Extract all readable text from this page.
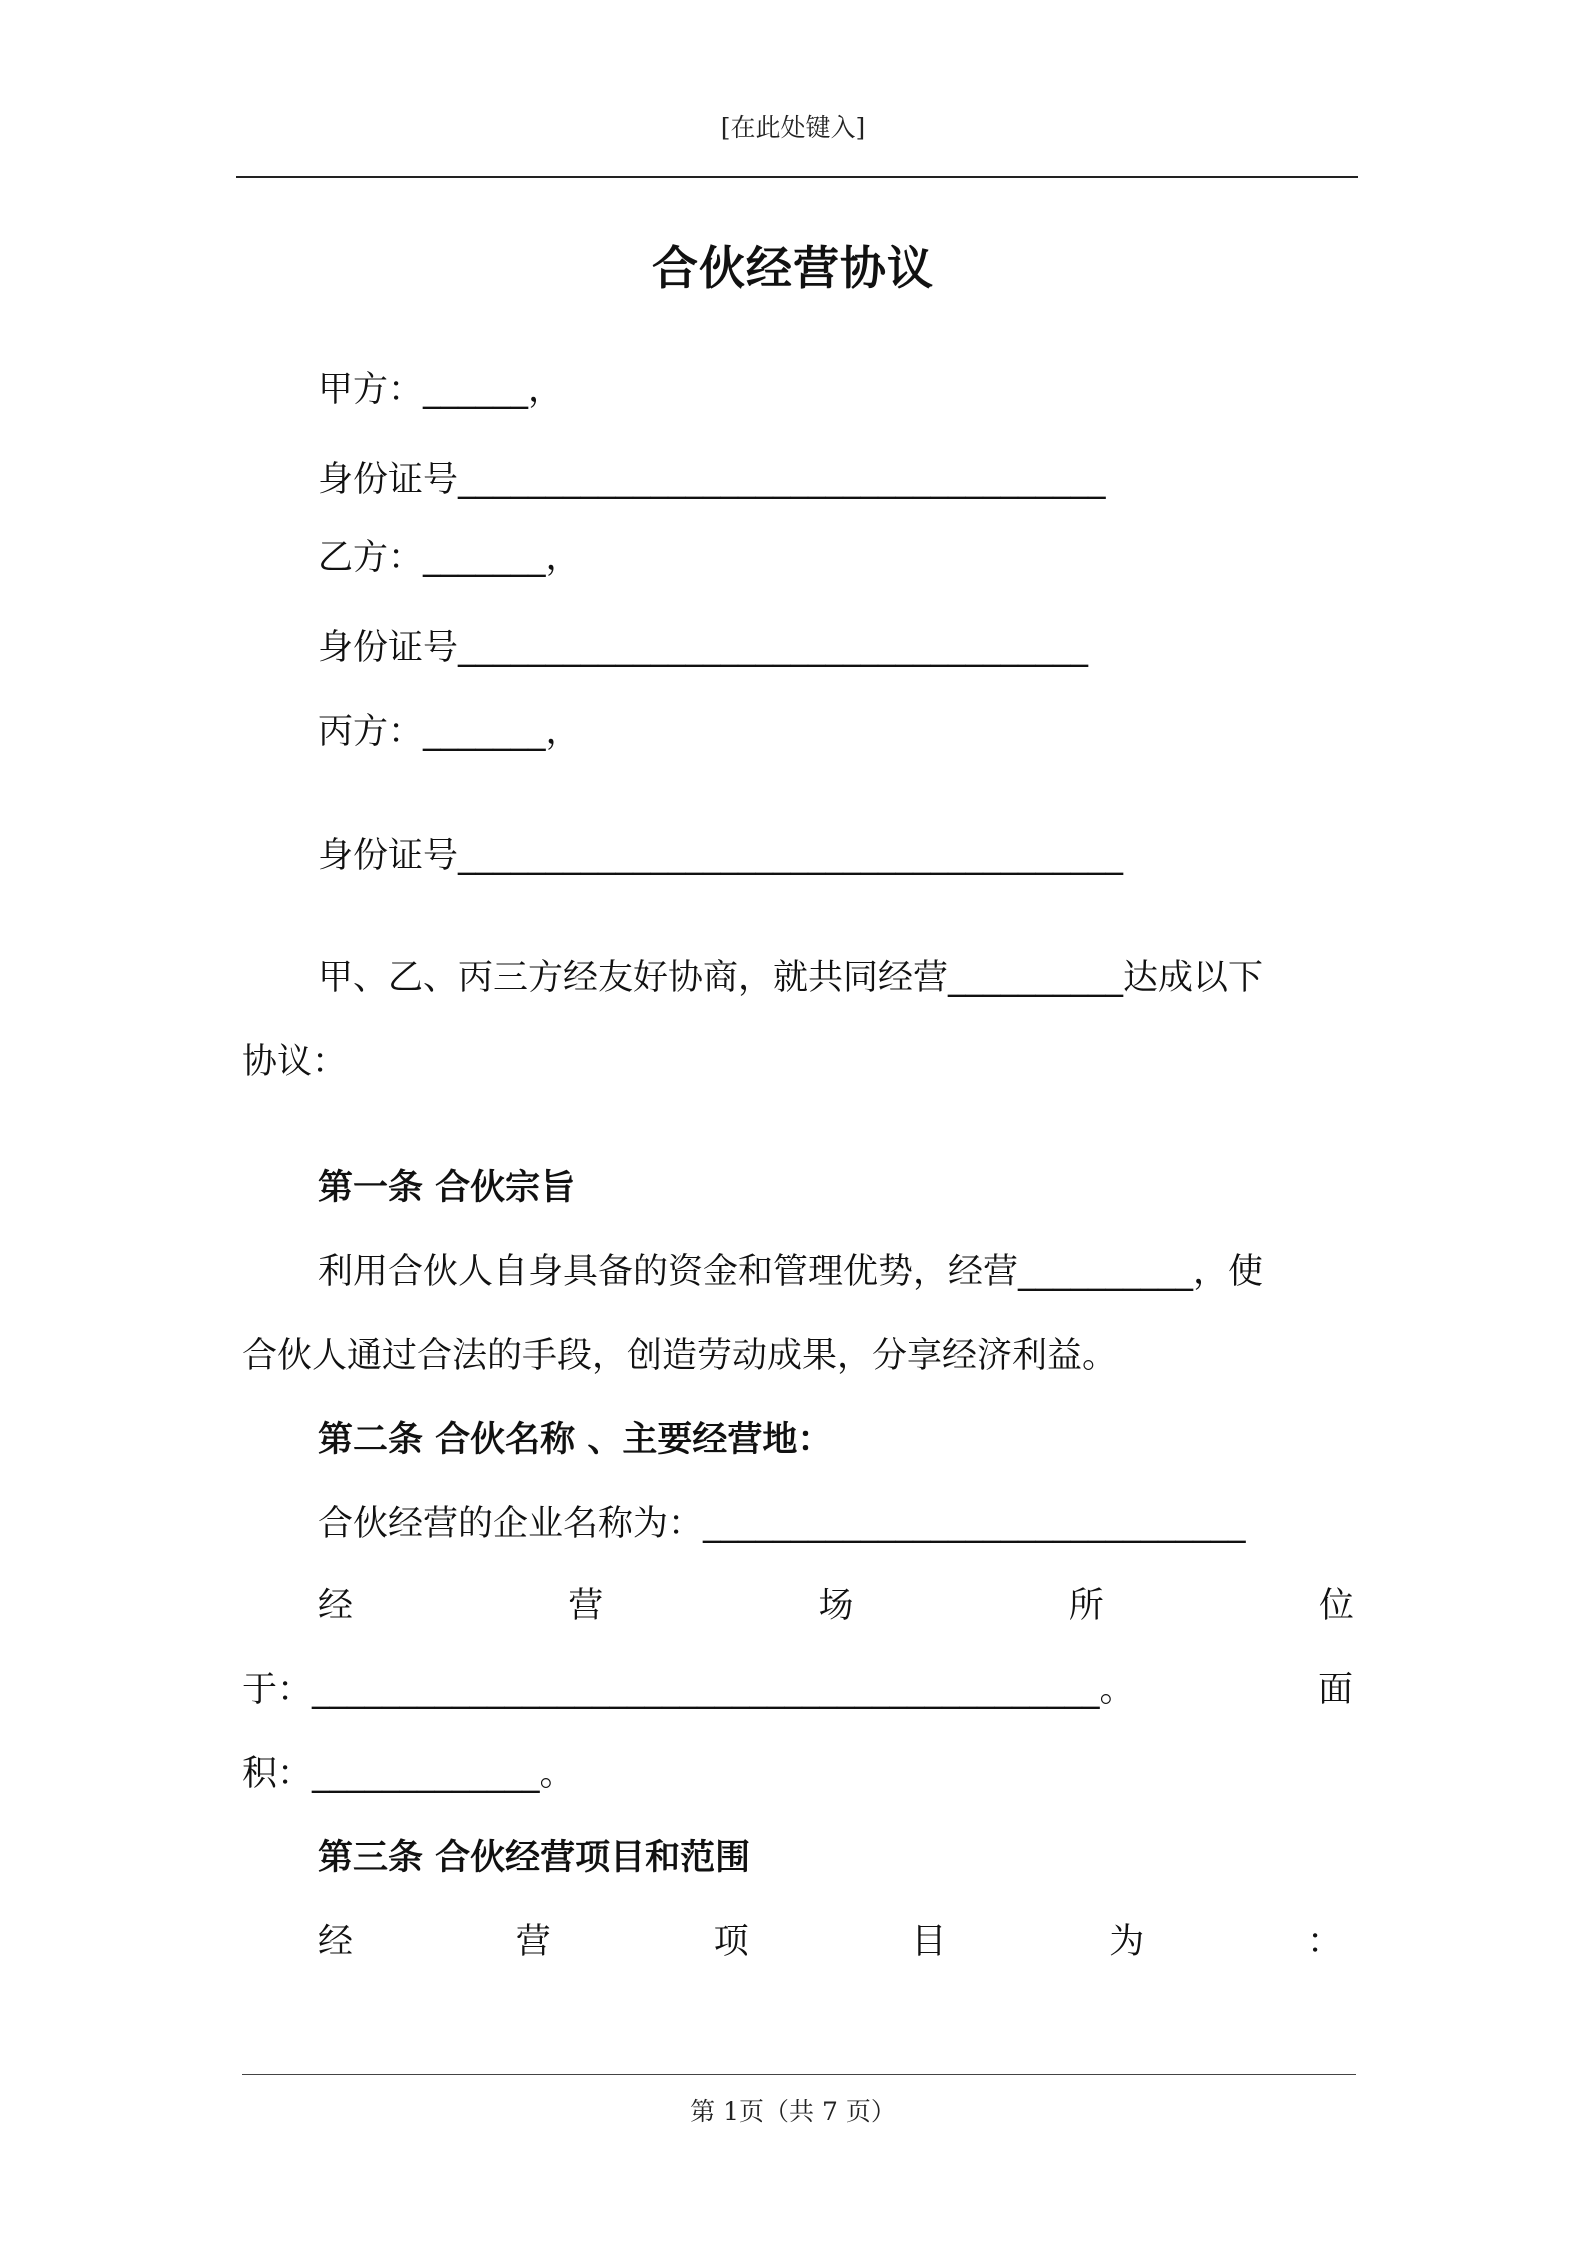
[在此处键入]
合伙经营协议
甲方：______，
身份证号_____________________________________
乙方：_______，
身份证号____________________________________
丙方：_______，
身份证号______________________________________
甲、乙、丙三方经友好协商，就共同经营__________达成以下
协议：
第一条 合伙宗旨
利用合伙人自身具备的资金和管理优势，经营__________，使
合伙人通过合法的手段，创造劳动成果，分享经济利益。
第二条 合伙名称 、主要经营地：
合伙经营的企业名称为：_______________________________
经	营	场	所	位
于：_____________________________________________。	面
积：_____________。
第三条 合伙经营项目和范围
经	营	项	目	为	：
第 1页（共 7 页）
